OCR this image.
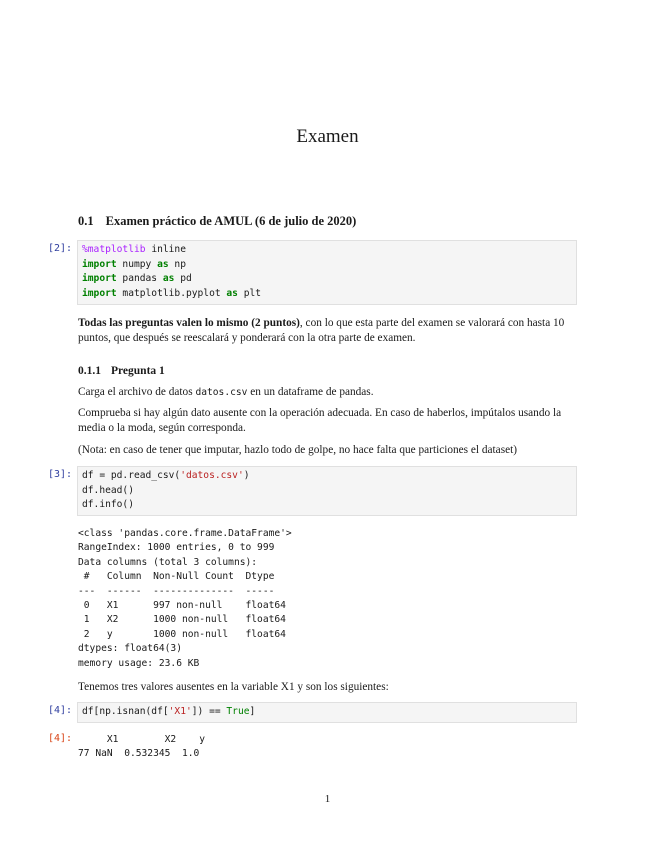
Examen
0.1 Examen práctico de AMUL (6 de julio de 2020)
[2]: %matplotlib inline
import numpy as np
import pandas as pd
import matplotlib.pyplot as plt
Todas las preguntas valen lo mismo (2 puntos), con lo que esta parte del examen se valorará con hasta 10 puntos, que después se reescalará y ponderará con la otra parte de examen.
0.1.1 Pregunta 1
Carga el archivo de datos datos.csv en un dataframe de pandas.
Comprueba si hay algún dato ausente con la operación adecuada. En caso de haberlos, impútalos usando la media o la moda, según corresponda.
(Nota: en caso de tener que imputar, hazlo todo de golpe, no hace falta que particiones el dataset)
[3]: df = pd.read_csv('datos.csv')
df.head()
df.info()
<class 'pandas.core.frame.DataFrame'>
RangeIndex: 1000 entries, 0 to 999
Data columns (total 3 columns):
#   Column  Non-Null Count  Dtype
---  ------  --------------  -----
0   X1      997 non-null    float64
1   X2      1000 non-null   float64
2   y       1000 non-null   float64
dtypes: float64(3)
memory usage: 23.6 KB
Tenemos tres valores ausentes en la variable X1 y son los siguientes:
[4]: df[np.isnan(df['X1']) == True]
[4]: X1        X2    y
77 NaN  0.532345  1.0
1
